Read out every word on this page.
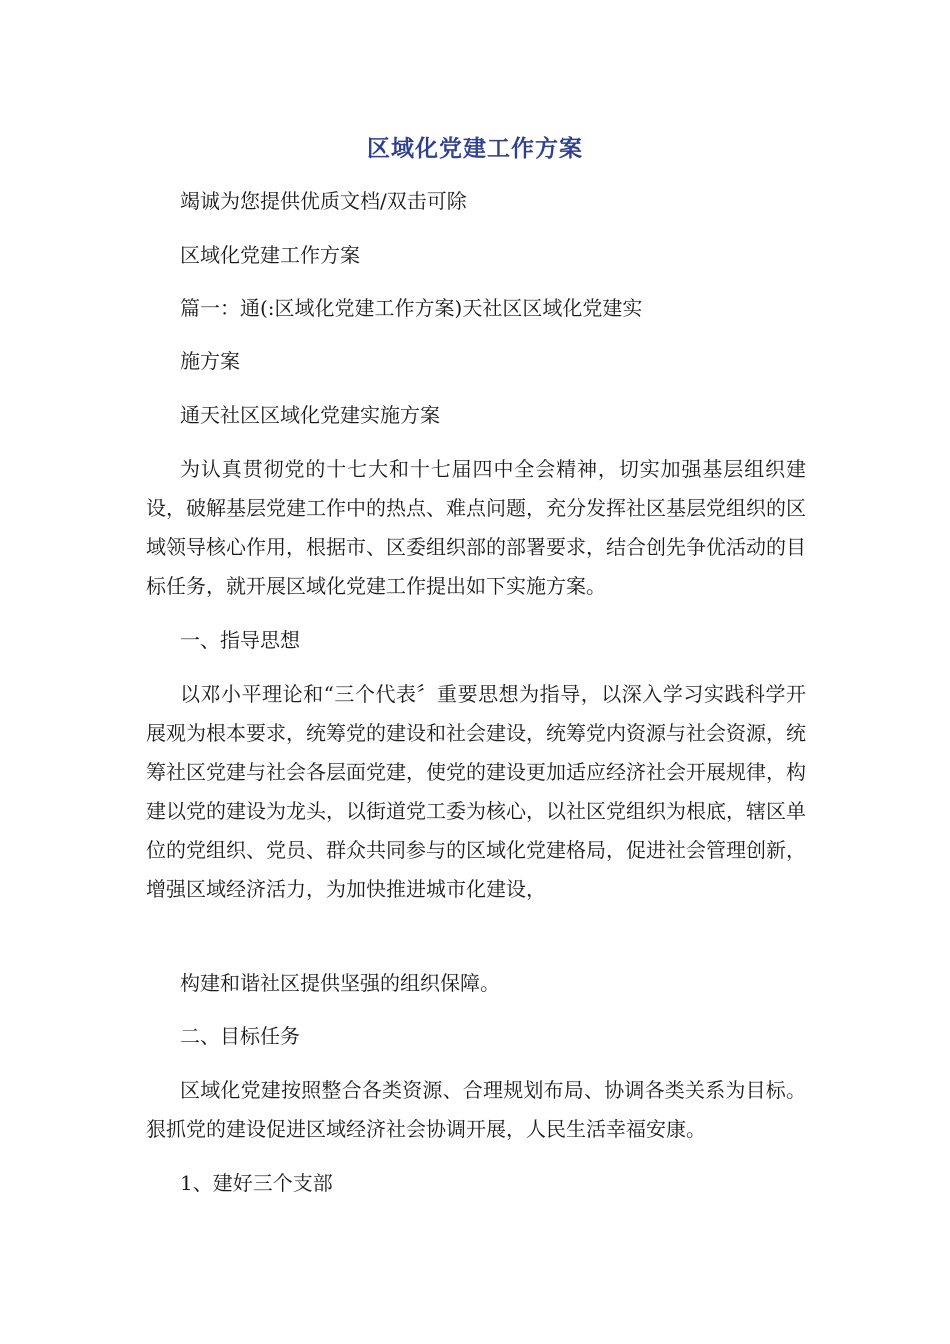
区域化党建工作方案
竭诚为您提供优质文档/双击可除
区域化党建工作方案
篇一：通(:区域化党建工作方案)天社区区域化党建实
施方案
通天社区区域化党建实施方案
为认真贯彻党的十七大和十七届四中全会精神，切实加强基层组织建设，破解基层党建工作中的热点、难点问题，充分发挥社区基层党组织的区域领导核心作用，根据市、区委组织部的部署要求，结合创先争优活动的目标任务，就开展区域化党建工作提出如下实施方案。
一、指导思想
以邓小平理论和“三个代表〞重要思想为指导，以深入学习实践科学开展观为根本要求，统筹党的建设和社会建设，统筹党内资源与社会资源，统筹社区党建与社会各层面党建，使党的建设更加适应经济社会开展规律，构建以党的建设为龙头，以街道党工委为核心，以社区党组织为根底，辖区单位的党组织、党员、群众共同参与的区域化党建格局，促进社会管理创新，增强区域经济活力，为加快推进城市化建设，
构建和谐社区提供坚强的组织保障。
二、目标任务
区域化党建按照整合各类资源、合理规划布局、协调各类关系为目标。狠抓党的建设促进区域经济社会协调开展，人民生活幸福安康。
1、建好三个支部
